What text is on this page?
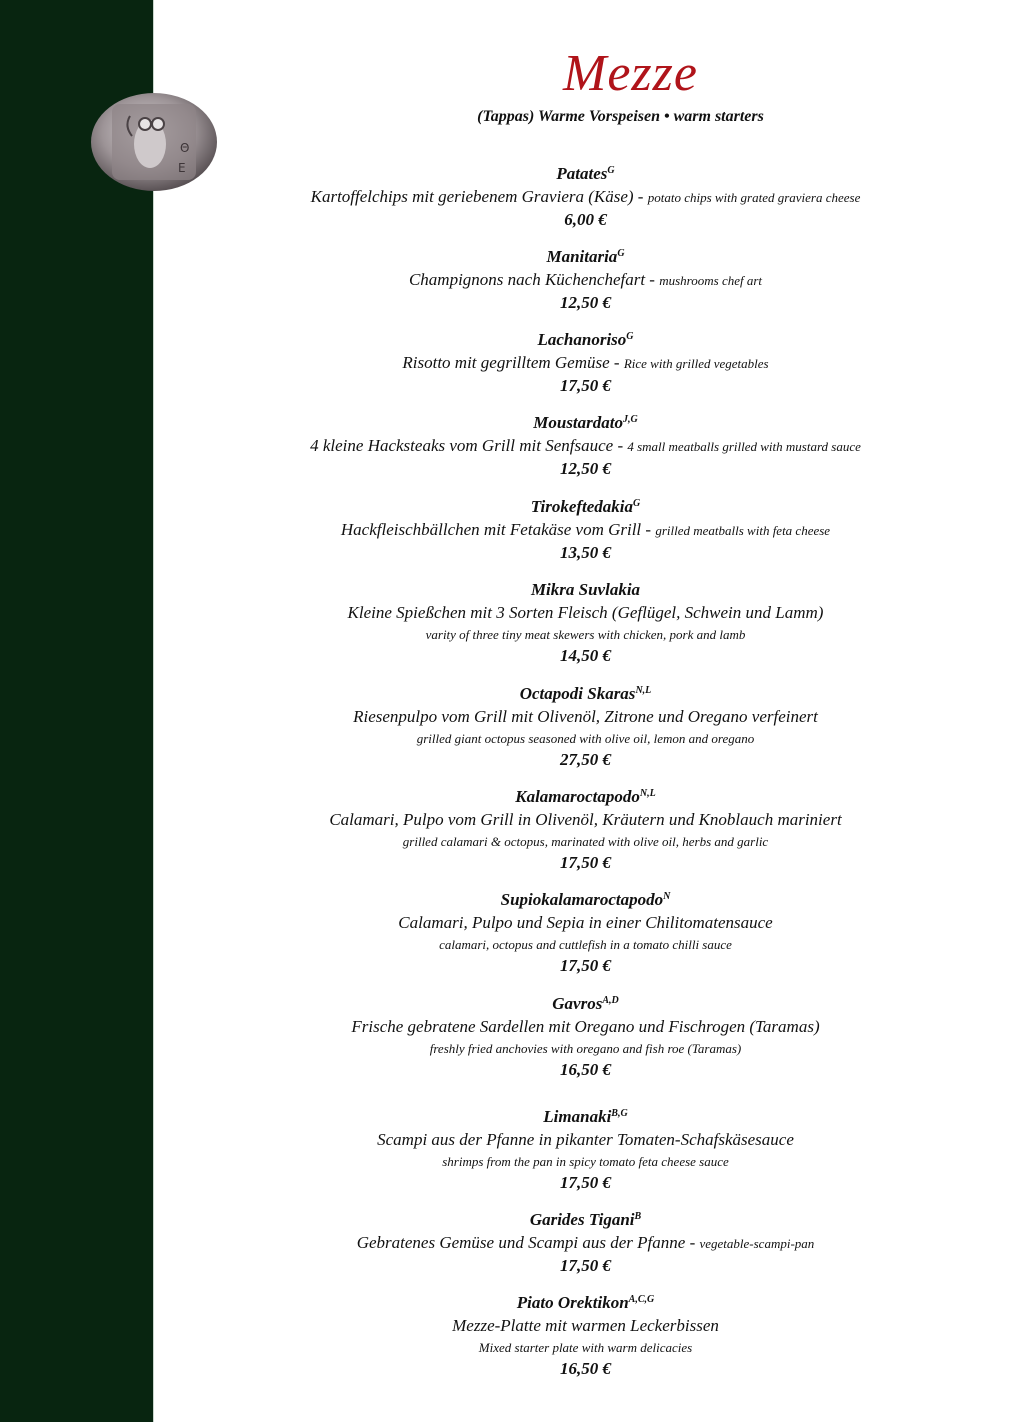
Θ
Ε
Mezze
(Tappas) Warme Vorspeisen • warm starters
Patates$^G$
Kartoffelchips mit geriebenem Graviera (Käse) - potato chips with grated graviera cheese
6,00 €
Manitaria$^G$
Champignons nach Küchenchefart - mushrooms chef art
12,50 €
Lachanoriso$^G$
Risotto mit gegrilltem Gemüse - Rice with grilled vegetables
17,50 €
Moustardato$^{J,G}$
4 kleine Hacksteaks vom Grill mit Senfsauce - 4 small meatballs grilled with mustard sauce
12,50 €
Tirokeftedakia$^G$
Hackfleischbällchen mit Fetakäse vom Grill - grilled meatballs with feta cheese
13,50 €
Mikra Suvlakia
Kleine Spießchen mit 3 Sorten Fleisch (Geflügel, Schwein und Lamm)
varity of three tiny meat skewers with chicken, pork and lamb
14,50 €
Octapodi Skaras$^{N,L}$
Riesenpulpo vom Grill mit Olivenöl, Zitrone und Oregano verfeinert
grilled giant octopus seasoned with olive oil, lemon and oregano
27,50 €
Kalamaroctapodo$^{N,L}$
Calamari, Pulpo vom Grill in Olivenöl, Kräutern und Knoblauch mariniert
grilled calamari & octopus, marinated with olive oil, herbs and garlic
17,50 €
Supiokalamaroctapodo$^N$
Calamari, Pulpo und Sepia in einer Chilitomatensauce
calamari, octopus and cuttlefish in a tomato chilli sauce
17,50 €
Gavros$^{A,D}$
Frische gebratene Sardellen mit Oregano und Fischrogen (Taramas)
freshly fried anchovies with oregano and fish roe (Taramas)
16,50 €
Limanaki$^{B,G}$
Scampi aus der Pfanne in pikanter Tomaten-Schafskäsesauce
shrimps from the pan in spicy tomato feta cheese sauce
17,50 €
Garides Tigani$^B$
Gebratenes Gemüse und Scampi aus der Pfanne - vegetable-scampi-pan
17,50 €
Piato Orektikon$^{A,C,G}$
Mezze-Platte mit warmen Leckerbissen
Mixed starter plate with warm delicacies
16,50 €
